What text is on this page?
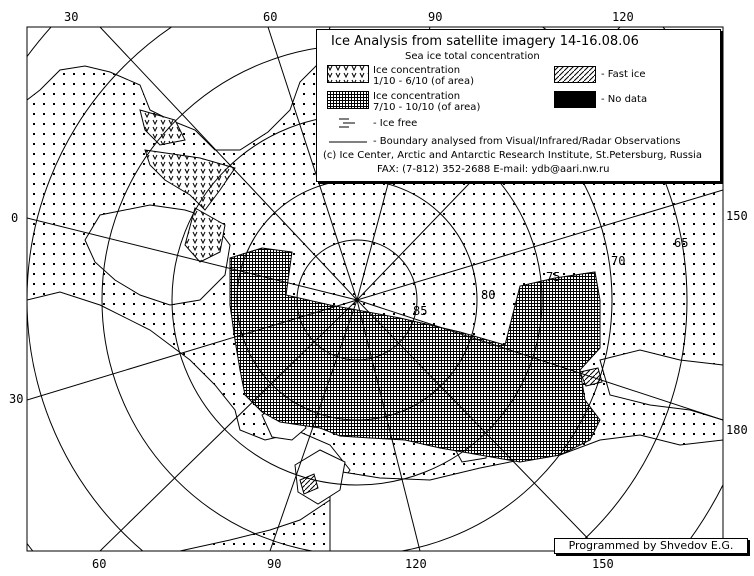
30	60	90	120
60	90	120	150
0
30
150
180
65
70
75
80
85
Ice Analysis from satellite imagery 14-16.08.06
Sea ice total concentration
Ice concentration
1/10 - 6/10 (of area)
Ice concentration
7/10 - 10/10 (of area)
- Fast ice
- No data
- Ice free
- Boundary analysed from Visual/Infrared/Radar Observations
(c) Ice Center, Arctic and Antarctic Research Institute, St.Petersburg, Russia
FAX: (7-812) 352-2688 E-mail: ydb@aari.nw.ru
Programmed by Shvedov E.G.
